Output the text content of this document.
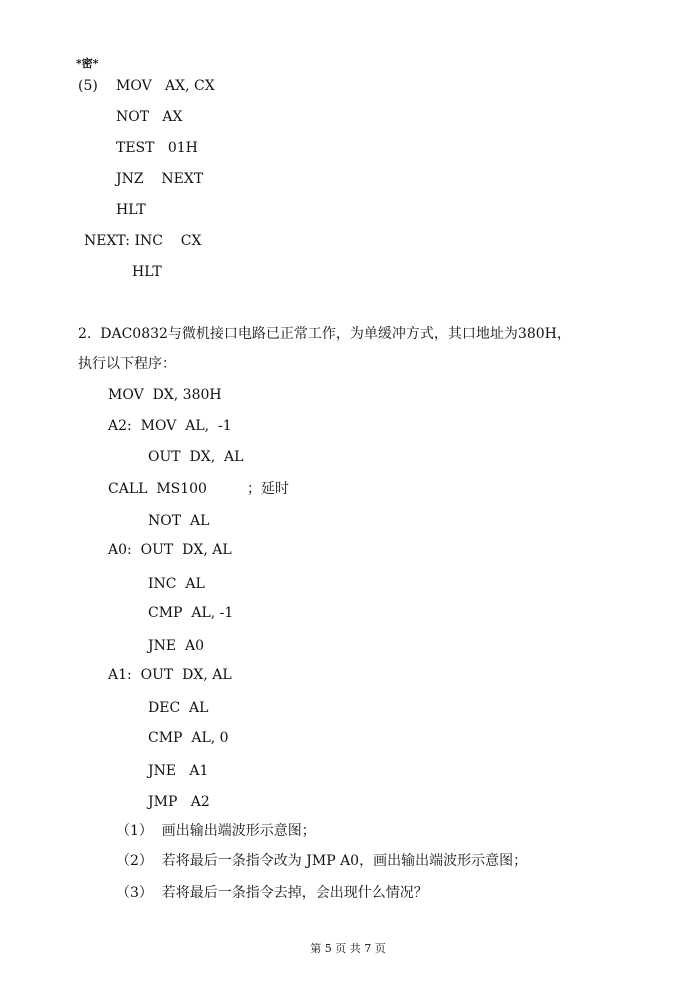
*密*
(5) MOV   AX, CX
NOT   AX
TEST   01H
JNZ    NEXT
HLT
NEXT: INC    CX
HLT
2.  DAC0832与微机接口电路已正常工作，为单缓冲方式，其口地址为380H，
执行以下程序：
MOV  DX, 380H
A2:  MOV  AL,  -1
OUT  DX,  AL
CALL  MS100         ；延时
NOT  AL
A0:  OUT  DX, AL
INC  AL
CMP  AL, -1
JNE  A0
A1:  OUT  DX, AL
DEC  AL
CMP  AL, 0
JNE   A1
JMP   A2
（1）  画出输出端波形示意图；
（2）  若将最后一条指令改为 JMP A0，画出输出端波形示意图；
（3）  若将最后一条指令去掉，会出现什么情况？
第 5 页 共 7 页
